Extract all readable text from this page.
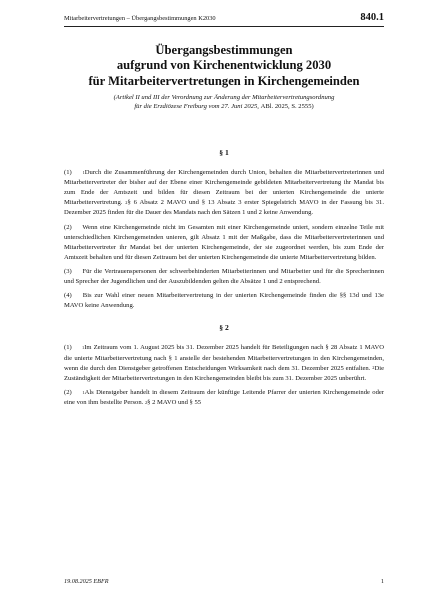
Mitarbeitervertretungen – Übergangsbestimmungen K2030	840.1
Übergangsbestimmungen
aufgrund von Kirchenentwicklung 2030
für Mitarbeitervertretungen in Kirchengemeinden
(Artikel II und III der Verordnung zur Änderung der Mitarbeitervertretungsordnung
für die Erzdiözese Freiburg vom 27. Juni 2025, ABl. 2025, S. 2555)
§ 1

(1) $_1$Durch die Zusammenführung der Kirchengemeinden durch Union, behalten die Mitarbeitervertreterinnen und Mitarbeitervertreter der bisher auf der Ebene einer Kirchengemeinde gebildeten Mitarbeitervertretung ihr Mandat bis zum Ende der Amtszeit und bilden für diesen Zeitraum bei der unierten Kirchengemeinde die unierte Mitarbeitervertretung. $_2$§ 6 Absatz 2 MAVO und § 13 Absatz 3 erster Spiegelstrich MAVO in der Fassung bis 31. Dezember 2025 finden für die Dauer des Mandats nach den Sätzen 1 und 2 keine Anwendung.

(2) Wenn eine Kirchengemeinde nicht im Gesamten mit einer Kirchengemeinde uniert, sondern einzelne Teile mit unterschiedlichen Kirchengemeinden unieren, gilt Absatz 1 mit der Maßgabe, dass die Mitarbeitervertreterinnen und Mitarbeitervertreter ihr Mandat bei der unierten Kirchengemeinde, der sie zugeordnet werden, bis zum Ende der Amtszeit behalten und für diesen Zeitraum bei der unierten Kirchengemeinde die unierte Mitarbeitervertretung bilden.

(3) Für die Vertrauenspersonen der schwerbehinderten Mitarbeiterinnen und Mitarbeiter und für die Sprecherinnen und Sprecher der Jugendlichen und der Auszubildenden gelten die Absätze 1 und 2 entsprechend.

(4) Bis zur Wahl einer neuen Mitarbeitervertretung in der unierten Kirchengemeinde finden die §§ 13d und 13e MAVO keine Anwendung.

§ 2

(1) $_1$Im Zeitraum vom 1. August 2025 bis 31. Dezember 2025 handelt für Beteiligungen nach § 28 Absatz 1 MAVO die unierte Mitarbeitervertretung nach § 1 anstelle der bestehenden Mitarbeitervertretungen in den Kirchengemeinden, wenn die durch den Dienstgeber getroffenen Entscheidungen Wirksamkeit nach dem 31. Dezember 2025 entfalten. $_2$Die Zuständigkeit der Mitarbeitervertretungen in den Kirchengemeinden bleibt bis zum 31. Dezember 2025 unberührt.

(2) $_1$Als Dienstgeber handelt in diesem Zeitraum der künftige Leitende Pfarrer der unierten Kirchengemeinde oder eine von ihm bestellte Person. $_2$§ 2 MAVO und § 55

19.08.2025 EBFR	1
